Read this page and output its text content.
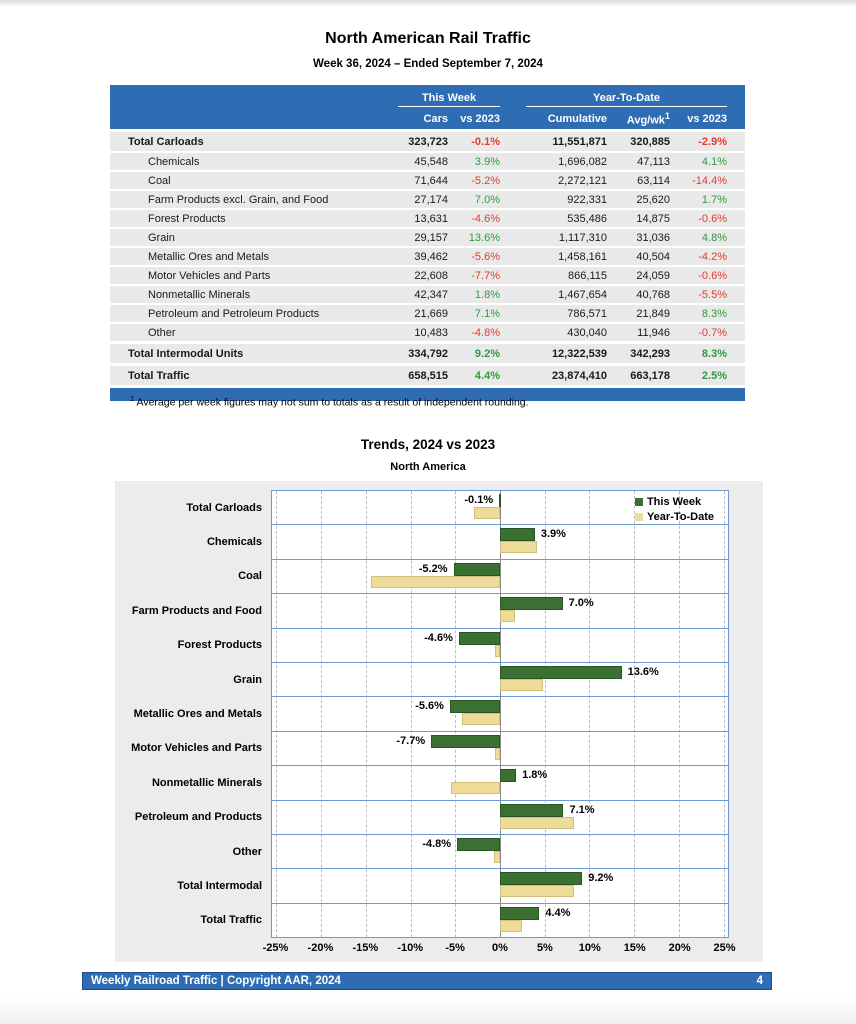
North American Rail Traffic
Week 36, 2024 – Ended September 7, 2024
This Week	Year-To-Date
Cars	vs 2023	Cumulative	Avg/$wk^1$	vs 2023
Total Carloads	323,723	-0.1%	11,551,871	320,885	-2.9%
Chemicals	45,548	3.9%	1,696,082	47,113	4.1%
Coal	71,644	-5.2%	2,272,121	63,114	-14.4%
Farm Products excl. Grain, and Food	27,174	7.0%	922,331	25,620	1.7%
Forest Products	13,631	-4.6%	535,486	14,875	-0.6%
Grain	29,157	13.6%	1,117,310	31,036	4.8%
Metallic Ores and Metals	39,462	-5.6%	1,458,161	40,504	-4.2%
Motor Vehicles and Parts	22,608	-7.7%	866,115	24,059	-0.6%
Nonmetallic Minerals	42,347	1.8%	1,467,654	40,768	-5.5%
Petroleum and Petroleum Products	21,669	7.1%	786,571	21,849	8.3%
Other	10,483	-4.8%	430,040	11,946	-0.7%
Total Intermodal Units	334,792	9.2%	12,322,539	342,293	8.3%
Total Traffic	658,515	4.4%	23,874,410	663,178	2.5%
$^1$ Average per week figures may not sum to totals as a result of independent rounding.
Trends, 2024 vs 2023
North America
Total Carloads
-0.1%
Chemicals
3.9%
Coal
-5.2%
Farm Products and Food
7.0%
Forest Products
-4.6%
Grain
13.6%
Metallic Ores and Metals
-5.6%
Motor Vehicles and Parts
-7.7%
Nonmetallic Minerals
1.8%
Petroleum and Products
7.1%
Other
-4.8%
Total Intermodal
9.2%
Total Traffic
4.4%
This Week
Year-To-Date
-25%	-20%	-15%	-10%	-5%	0%	5%	10%	15%	20%	25%
Weekly Railroad Traffic | Copyright AAR, 2024	4
